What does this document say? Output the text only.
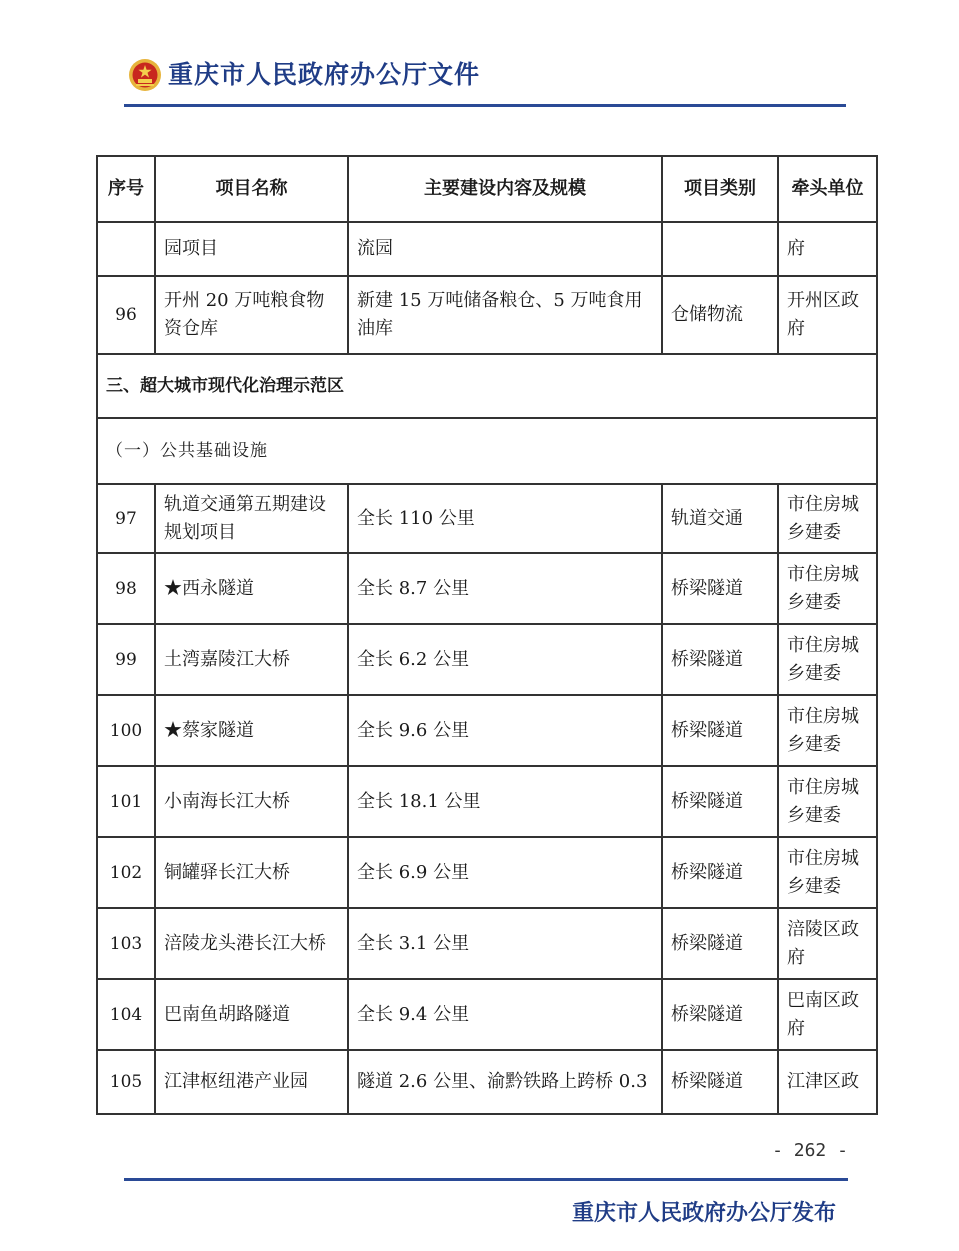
重庆市人民政府办公厅文件
序号	项目名称	主要建设内容及规模	项目类别	牵头单位
	园项目	流园		府
96	开州 20 万吨粮食物资仓库	新建 15 万吨储备粮仓、5 万吨食用油库	仓储物流	开州区政府
三、超大城市现代化治理示范区				
（一）公共基础设施				
97	轨道交通第五期建设规划项目	全长 110 公里	轨道交通	市住房城乡建委
98	★西永隧道	全长 8.7 公里	桥梁隧道	市住房城乡建委
99	土湾嘉陵江大桥	全长 6.2 公里	桥梁隧道	市住房城乡建委
100	★蔡家隧道	全长 9.6 公里	桥梁隧道	市住房城乡建委
101	小南海长江大桥	全长 18.1 公里	桥梁隧道	市住房城乡建委
102	铜罐驿长江大桥	全长 6.9 公里	桥梁隧道	市住房城乡建委
103	涪陵龙头港长江大桥	全长 3.1 公里	桥梁隧道	涪陵区政府
104	巴南鱼胡路隧道	全长 9.4 公里	桥梁隧道	巴南区政府
105	江津枢纽港产业园	隧道 2.6 公里、渝黔铁路上跨桥 0.3	桥梁隧道	江津区政
- 262 -
重庆市人民政府办公厅发布
